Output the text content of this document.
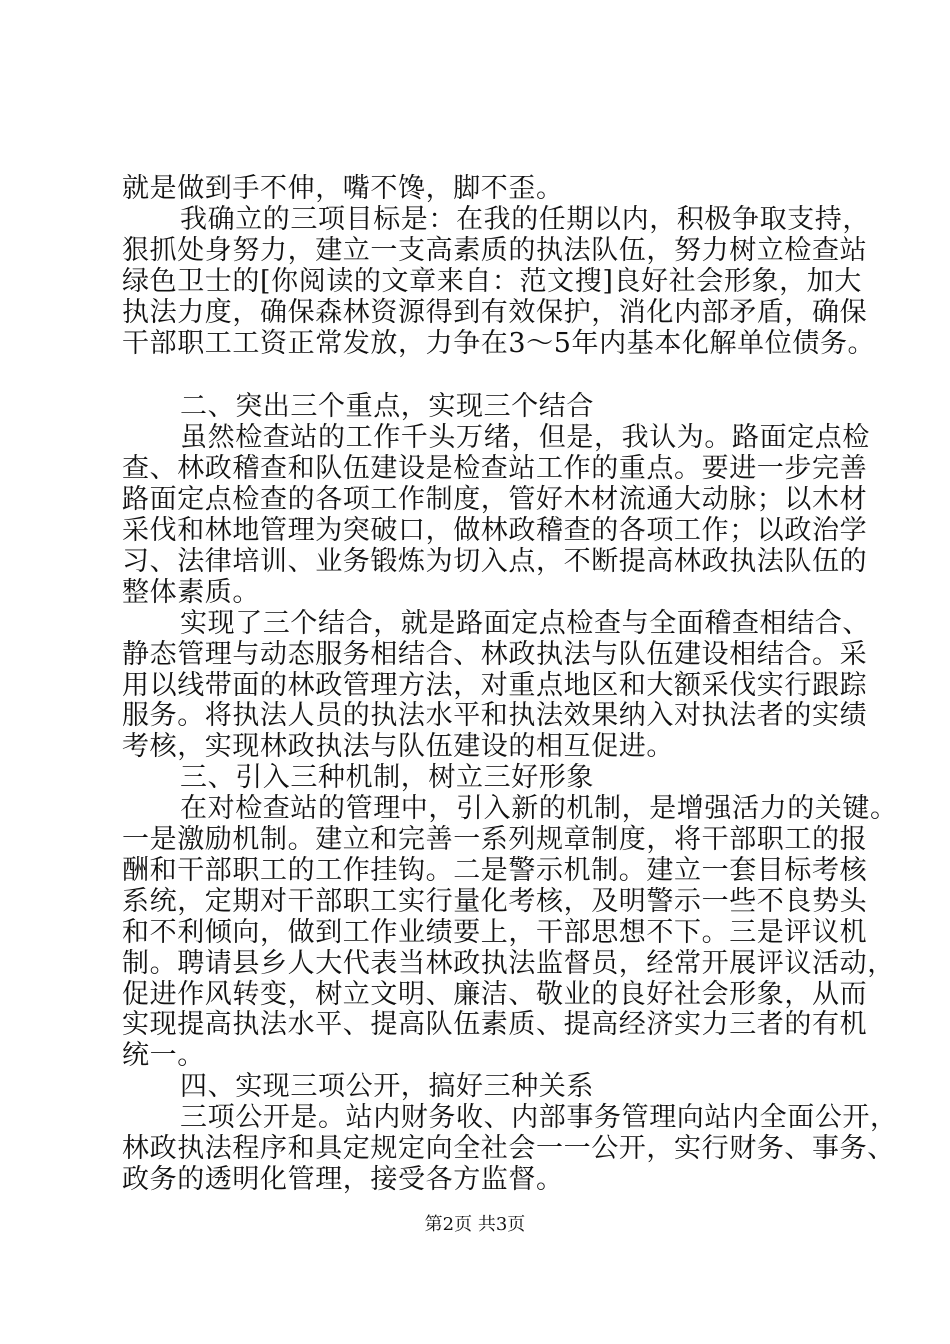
就是做到手不伸，嘴不馋，脚不歪。
我确立的三项目标是：在我的任期以内，积极争取支持，
狠抓处身努力，建立一支高素质的执法队伍，努力树立检查站
绿色卫士的[你阅读的文章来自：范文搜]良好社会形象，加大
执法力度，确保森林资源得到有效保护，消化内部矛盾，确保
干部职工工资正常发放，力争在3～5年内基本化解单位债务。
二、突出三个重点，实现三个结合
虽然检查站的工作千头万绪，但是，我认为。路面定点检
查、林政稽查和队伍建设是检查站工作的重点。要进一步完善
路面定点检查的各项工作制度，管好木材流通大动脉；以木材
采伐和林地管理为突破口，做林政稽查的各项工作；以政治学
习、法律培训、业务锻炼为切入点，不断提高林政执法队伍的
整体素质。
实现了三个结合，就是路面定点检查与全面稽查相结合、
静态管理与动态服务相结合、林政执法与队伍建设相结合。采
用以线带面的林政管理方法，对重点地区和大额采伐实行跟踪
服务。将执法人员的执法水平和执法效果纳入对执法者的实绩
考核，实现林政执法与队伍建设的相互促进。
三、引入三种机制，树立三好形象
在对检查站的管理中，引入新的机制，是增强活力的关键。
一是激励机制。建立和完善一系列规章制度，将干部职工的报
酬和干部职工的工作挂钩。二是警示机制。建立一套目标考核
系统，定期对干部职工实行量化考核，及明警示一些不良势头
和不利倾向，做到工作业绩要上，干部思想不下。三是评议机
制。聘请县乡人大代表当林政执法监督员，经常开展评议活动，
促进作风转变，树立文明、廉洁、敬业的良好社会形象，从而
实现提高执法水平、提高队伍素质、提高经济实力三者的有机
统一。
四、实现三项公开，搞好三种关系
三项公开是。站内财务收、内部事务管理向站内全面公开，
林政执法程序和具定规定向全社会一一公开，实行财务、事务、
政务的透明化管理，接受各方监督。
第2页 共3页
